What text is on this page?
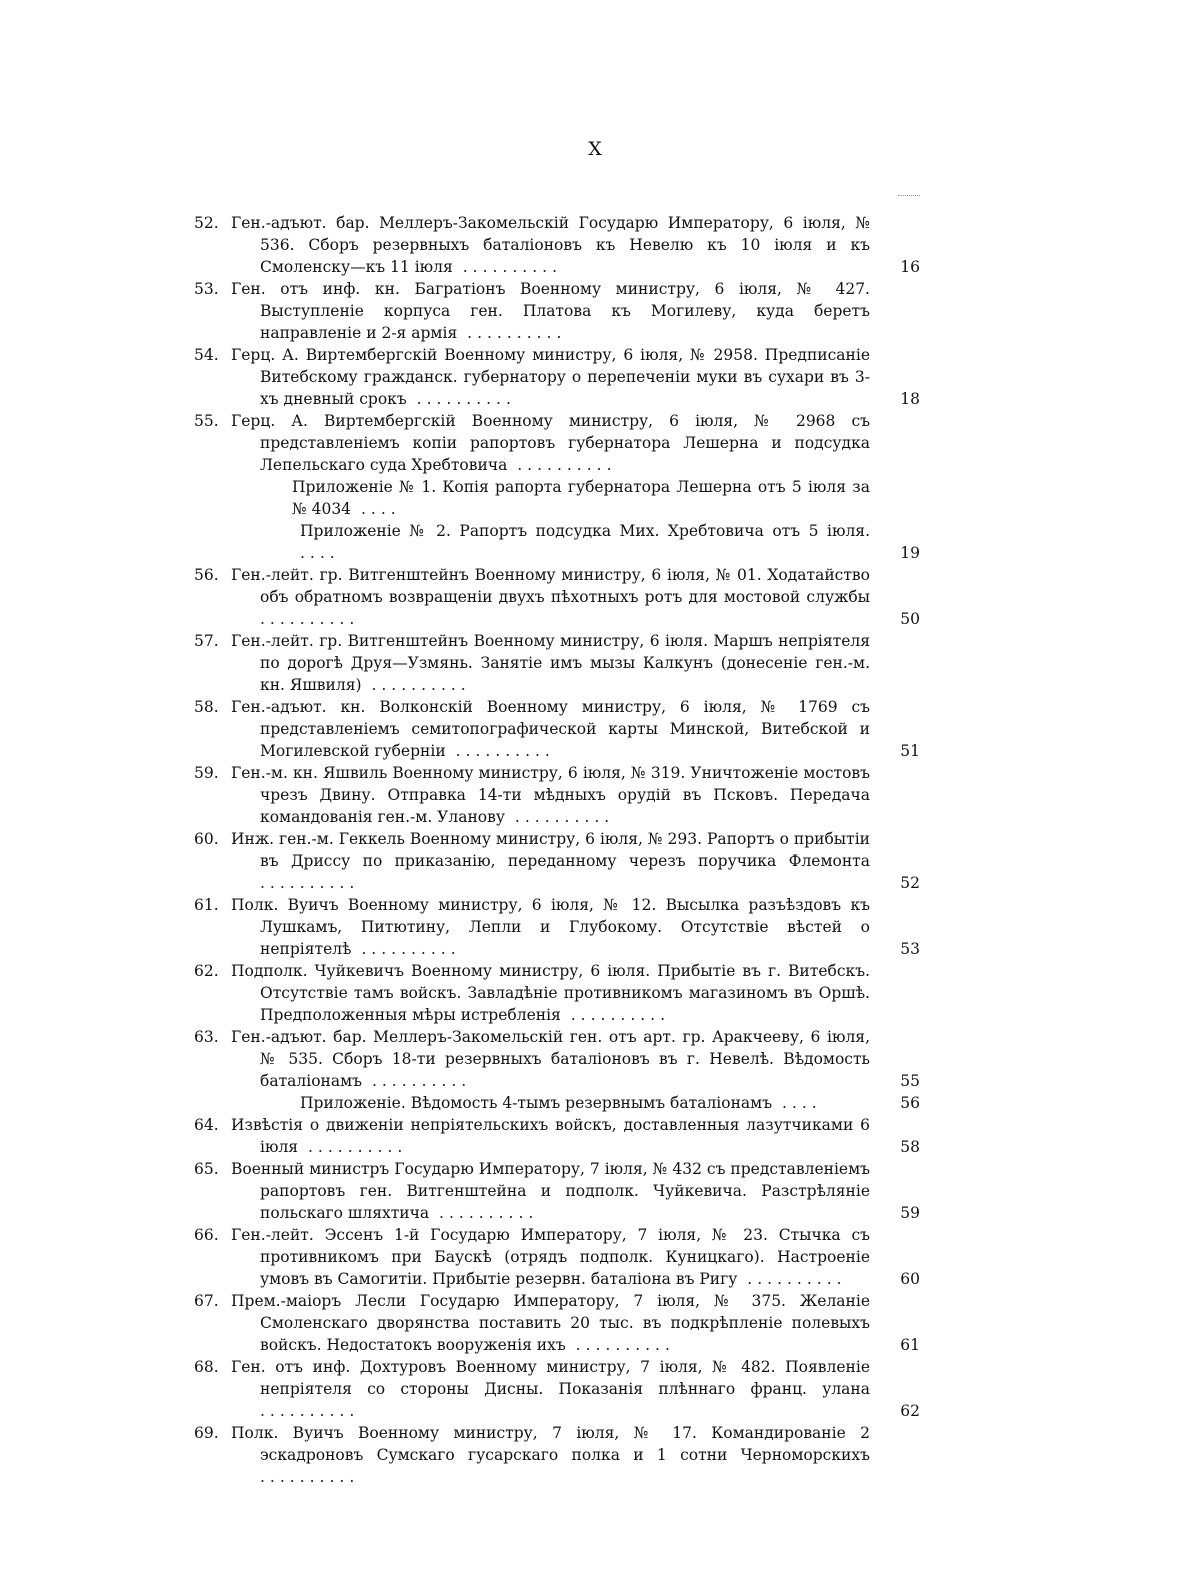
X
52. Ген.-адъют. бар. Меллеръ-Закомельскій Государю Императору, 6 іюля, № 536. Сборъ резервныхъ баталіоновъ къ Невелю къ 10 іюля и къ Смоленску—къ 11 іюля ..........	16
53. Ген. отъ инф. кн. Багратіонъ Военному министру, 6 іюля, № 427. Выступленіе корпуса ген. Платова къ Могилеву, куда беретъ направленіе и 2-я армія ..........
54. Герц. А. Виртембергскій Военному министру, 6 іюля, № 2958. Предписаніе Витебскому гражданск. губернатору о перепеченіи муки въ сухари въ 3-хъ дневный срокъ ..........	18
55. Герц. А. Виртембергскій Военному министру, 6 іюля, № 2968 съ представленіемъ копіи рапортовъ губернатора Лешерна и подсудка Лепельскаго суда Хребтовича ..........
Приложеніе № 1. Копія рапорта губернатора Лешерна отъ 5 іюля за № 4034 ....
Приложеніе № 2. Рапортъ подсудка Мих. Хребтовича отъ 5 іюля. ....	19
56. Ген.-лейт. гр. Витгенштейнъ Военному министру, 6 іюля, № 01. Ходатайство объ обратномъ возвращеніи двухъ пѣхотныхъ ротъ для мостовой службы ..........	50
57. Ген.-лейт. гр. Витгенштейнъ Военному министру, 6 іюля. Маршъ непріятеля по дорогѣ Друя—Узмянь. Занятіе имъ мызы Калкунъ (донесеніе ген.-м. кн. Яшвиля) ..........
58. Ген.-адъют. кн. Волконскій Военному министру, 6 іюля, № 1769 съ представленіемъ семитопографической карты Минской, Витебской и Могилевской губерніи ..........	51
59. Ген.-м. кн. Яшвиль Военному министру, 6 іюля, № 319. Уничтоженіе мостовъ чрезъ Двину. Отправка 14-ти мѣдныхъ орудій въ Псковъ. Передача командованія ген.-м. Уланову ..........
60. Инж. ген.-м. Геккель Военному министру, 6 іюля, № 293. Рапортъ о прибытіи въ Дриссу по приказанію, переданному черезъ поручика Флемонта ..........	52
61. Полк. Вуичъ Военному министру, 6 іюля, № 12. Высылка разъѣздовъ къ Лушкамъ, Питютину, Лепли и Глубокому. Отсутствіе вѣстей о непріятелѣ ..........	53
62. Подполк. Чуйкевичъ Военному министру, 6 іюля. Прибытіе въ г. Витебскъ. Отсутствіе тамъ войскъ. Завладѣніе противникомъ магазиномъ въ Оршѣ. Предположенныя мѣры истребленія ..........
63. Ген.-адъют. бар. Меллеръ-Закомельскій ген. отъ арт. гр. Аракчееву, 6 іюля, № 535. Сборъ 18-ти резервныхъ баталіоновъ въ г. Невелѣ. Вѣдомость баталіонамъ ..........	55
Приложеніе. Вѣдомость 4-тымъ резервнымъ баталіонамъ ....	56
64. Извѣстія о движеніи непріятельскихъ войскъ, доставленныя лазутчиками 6 іюля ..........	58
65. Военный министръ Государю Императору, 7 іюля, № 432 съ представленіемъ рапортовъ ген. Витгенштейна и подполк. Чуйкевича. Разстрѣляніе польскаго шляхтича ..........	59
66. Ген.-лейт. Эссенъ 1-й Государю Императору, 7 іюля, № 23. Стычка съ противникомъ при Баускѣ (отрядъ подполк. Куницкаго). Настроеніе умовъ въ Самогитіи. Прибытіе резервн. баталіона въ Ригу ..........	60
67. Прем.-маіоръ Лесли Государю Императору, 7 іюля, № 375. Желаніе Смоленскаго дворянства поставить 20 тыс. въ подкрѣпленіе полевыхъ войскъ. Недостатокъ вооруженія ихъ ..........	61
68. Ген. отъ инф. Дохтуровъ Военному министру, 7 іюля, № 482. Появленіе непріятеля со стороны Дисны. Показанія плѣннаго франц. улана ..........	62
69. Полк. Вуичъ Военному министру, 7 іюля, № 17. Командированіе 2 эскадроновъ Сумскаго гусарскаго полка и 1 сотни Черноморскихъ ..........
